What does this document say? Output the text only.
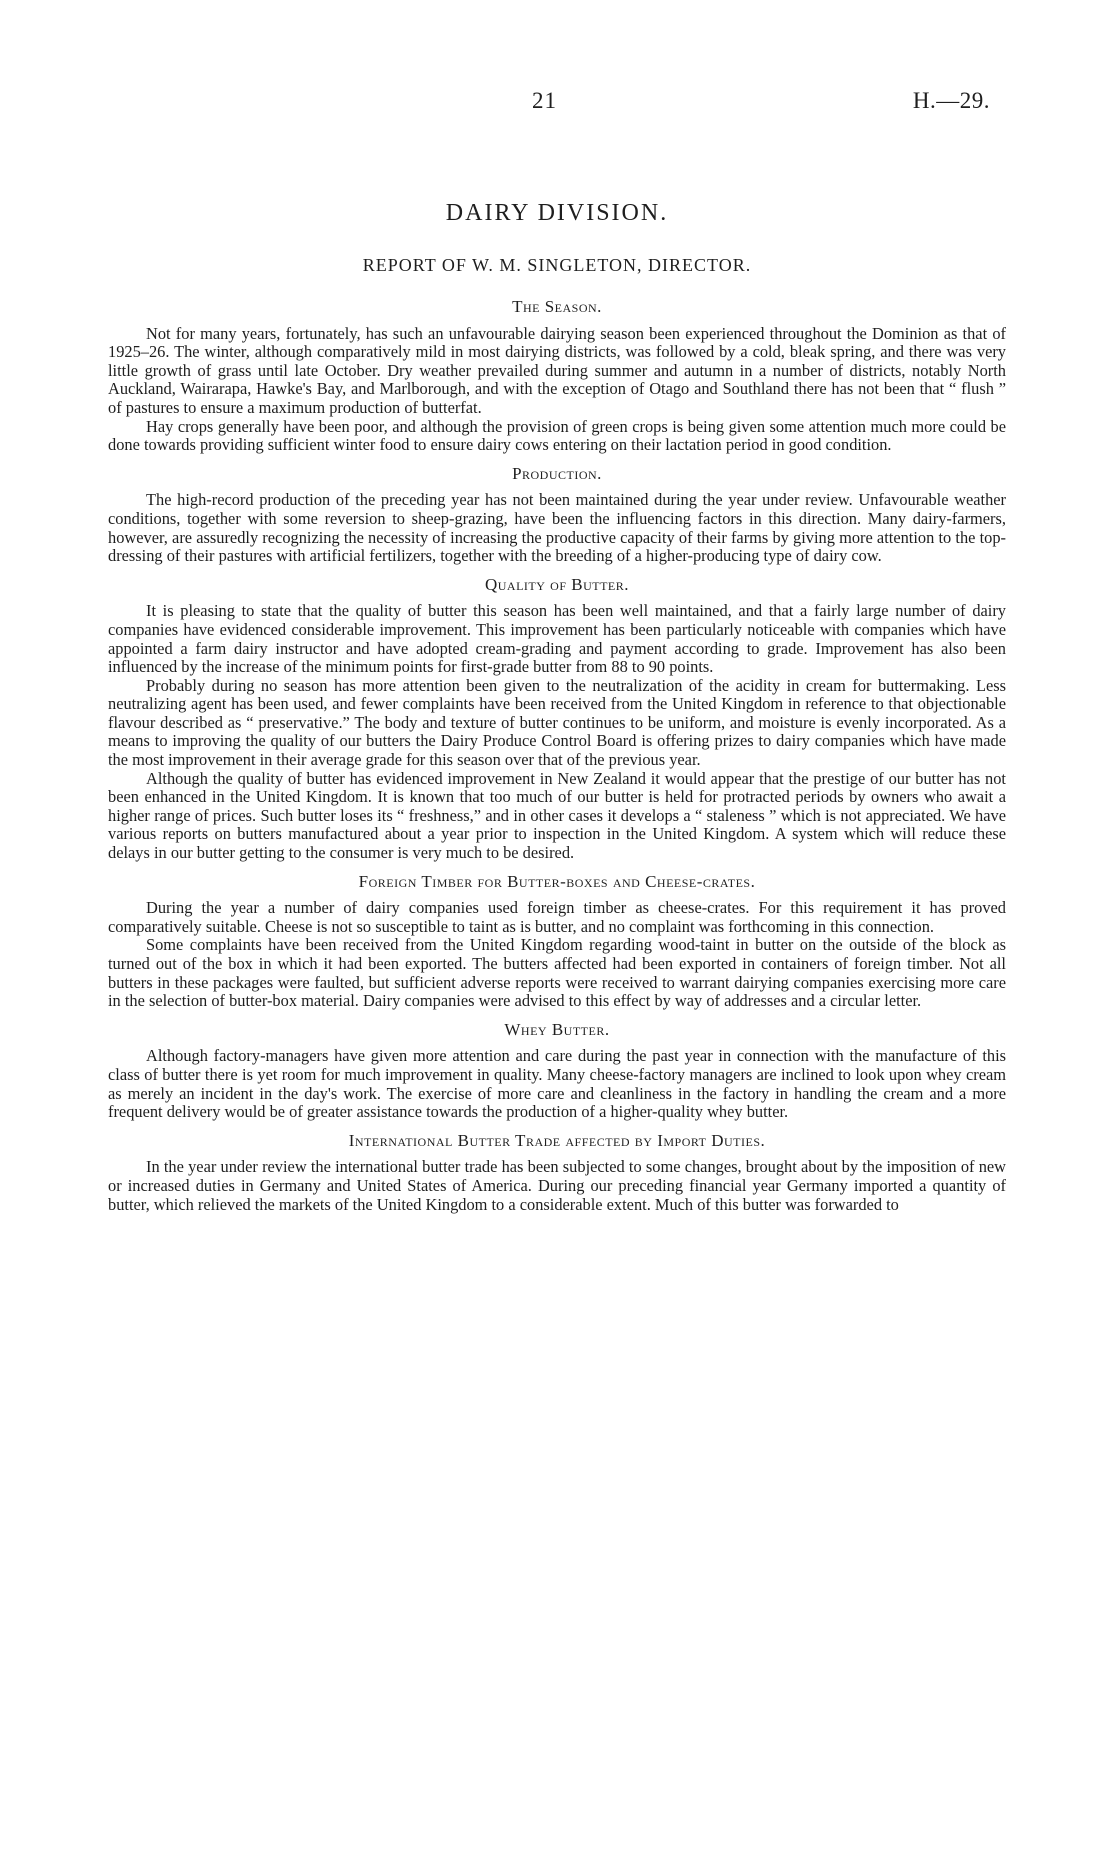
21	H.—29.
DAIRY DIVISION.
REPORT OF W. M. SINGLETON, DIRECTOR.
The Season.

Not for many years, fortunately, has such an unfavourable dairying season been experienced throughout the Dominion as that of 1925–26. The winter, although comparatively mild in most dairying districts, was followed by a cold, bleak spring, and there was very little growth of grass until late October. Dry weather prevailed during summer and autumn in a number of districts, notably North Auckland, Wairarapa, Hawke's Bay, and Marlborough, and with the exception of Otago and Southland there has not been that “ flush ” of pastures to ensure a maximum production of butterfat.

Hay crops generally have been poor, and although the provision of green crops is being given some attention much more could be done towards providing sufficient winter food to ensure dairy cows entering on their lactation period in good condition.

Production.

The high-record production of the preceding year has not been maintained during the year under review. Unfavourable weather conditions, together with some reversion to sheep-grazing, have been the influencing factors in this direction. Many dairy-farmers, however, are assuredly recognizing the necessity of increasing the productive capacity of their farms by giving more attention to the top-dressing of their pastures with artificial fertilizers, together with the breeding of a higher-producing type of dairy cow.

Quality of Butter.

It is pleasing to state that the quality of butter this season has been well maintained, and that a fairly large number of dairy companies have evidenced considerable improvement. This improvement has been particularly noticeable with companies which have appointed a farm dairy instructor and have adopted cream-grading and payment according to grade. Improvement has also been influenced by the increase of the minimum points for first-grade butter from 88 to 90 points.

Probably during no season has more attention been given to the neutralization of the acidity in cream for buttermaking. Less neutralizing agent has been used, and fewer complaints have been received from the United Kingdom in reference to that objectionable flavour described as “ preservative.” The body and texture of butter continues to be uniform, and moisture is evenly incorporated. As a means to improving the quality of our butters the Dairy Produce Control Board is offering prizes to dairy companies which have made the most improvement in their average grade for this season over that of the previous year.

Although the quality of butter has evidenced improvement in New Zealand it would appear that the prestige of our butter has not been enhanced in the United Kingdom. It is known that too much of our butter is held for protracted periods by owners who await a higher range of prices. Such butter loses its “ freshness,” and in other cases it develops a “ staleness ” which is not appreciated. We have various reports on butters manufactured about a year prior to inspection in the United Kingdom. A system which will reduce these delays in our butter getting to the consumer is very much to be desired.

Foreign Timber for Butter-boxes and Cheese-crates.

During the year a number of dairy companies used foreign timber as cheese-crates. For this requirement it has proved comparatively suitable. Cheese is not so susceptible to taint as is butter, and no complaint was forthcoming in this connection.

Some complaints have been received from the United Kingdom regarding wood-taint in butter on the outside of the block as turned out of the box in which it had been exported. The butters affected had been exported in containers of foreign timber. Not all butters in these packages were faulted, but sufficient adverse reports were received to warrant dairying companies exercising more care in the selection of butter-box material. Dairy companies were advised to this effect by way of addresses and a circular letter.

Whey Butter.

Although factory-managers have given more attention and care during the past year in connection with the manufacture of this class of butter there is yet room for much improvement in quality. Many cheese-factory managers are inclined to look upon whey cream as merely an incident in the day's work. The exercise of more care and cleanliness in the factory in handling the cream and a more frequent delivery would be of greater assistance towards the production of a higher-quality whey butter.

International Butter Trade affected by Import Duties.

In the year under review the international butter trade has been subjected to some changes, brought about by the imposition of new or increased duties in Germany and United States of America. During our preceding financial year Germany imported a quantity of butter, which relieved the markets of the United Kingdom to a considerable extent. Much of this butter was forwarded to
